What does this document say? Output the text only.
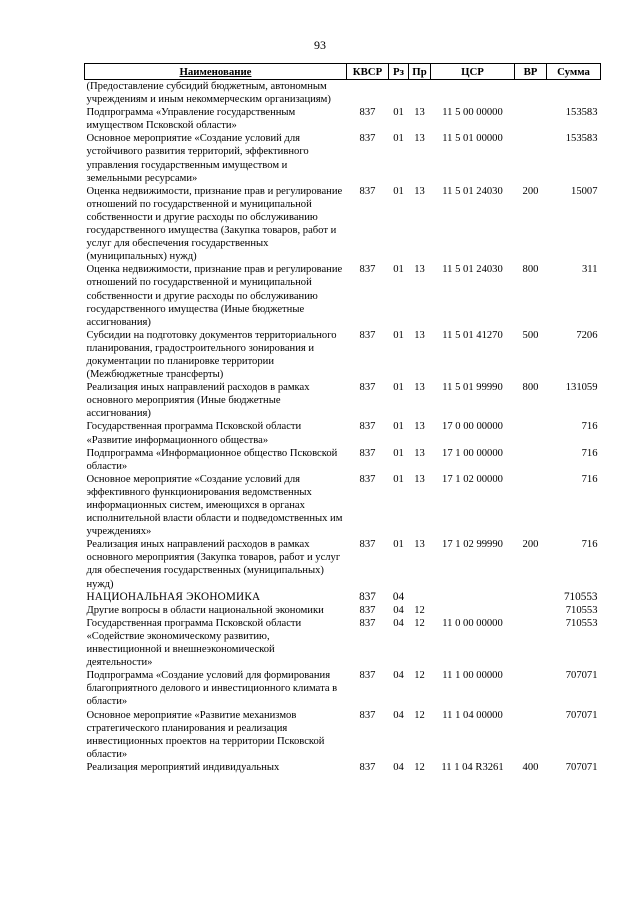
93
Наименование	КВСР	Рз	Пр	ЦСР	ВР	Сумма
(Предоставление субсидий бюджетным, автономным учреждениям и иным некоммерческим организациям)						
Подпрограмма «Управление государственным имуществом Псковской области»	837	01	13	11 5 00 00000		153583
Основное мероприятие «Создание условий для устойчивого развития территорий, эффективного управления государственным имуществом и земельными ресурсами»	837	01	13	11 5 01 00000		153583
Оценка недвижимости, признание прав и регулирование отношений по государственной и муниципальной собственности и другие расходы по обслуживанию государственного имущества (Закупка товаров, работ и услуг для обеспечения государственных (муниципальных) нужд)	837	01	13	11 5 01 24030	200	15007
Оценка недвижимости, признание прав и регулирование отношений по государственной и муниципальной собственности и другие расходы по обслуживанию государственного имущества (Иные бюджетные ассигнования)	837	01	13	11 5 01 24030	800	311
Субсидии на подготовку документов территориального планирования, градостроительного зонирования и документации по планировке территории (Межбюджетные трансферты)	837	01	13	11 5 01 41270	500	7206
Реализация иных направлений расходов в рамках основного мероприятия (Иные бюджетные ассигнования)	837	01	13	11 5 01 99990	800	131059
Государственная программа Псковской области «Развитие информационного общества»	837	01	13	17 0 00 00000		716
Подпрограмма «Информационное общество Псковской области»	837	01	13	17 1 00 00000		716
Основное мероприятие «Создание условий для эффективного функционирования ведомственных информационных систем, имеющихся в органах исполнительной власти области и подведомственных им учреждениях»	837	01	13	17 1 02 00000		716
Реализация иных направлений расходов в рамках основного мероприятия (Закупка товаров, работ и услуг для обеспечения государственных (муниципальных) нужд)	837	01	13	17 1 02 99990	200	716
НАЦИОНАЛЬНАЯ ЭКОНОМИКА	837	04				710553
Другие вопросы в области национальной экономики	837	04	12			710553
Государственная программа Псковской области «Содействие экономическому развитию, инвестиционной и внешнеэкономической деятельности»	837	04	12	11 0 00 00000		710553
Подпрограмма «Создание условий для формирования благоприятного делового и инвестиционного климата в области»	837	04	12	11 1 00 00000		707071
Основное мероприятие «Развитие механизмов стратегического планирования и реализация инвестиционных проектов на территории Псковской области»	837	04	12	11 1 04 00000		707071
Реализация мероприятий индивидуальных	837	04	12	11 1 04 R3261	400	707071
